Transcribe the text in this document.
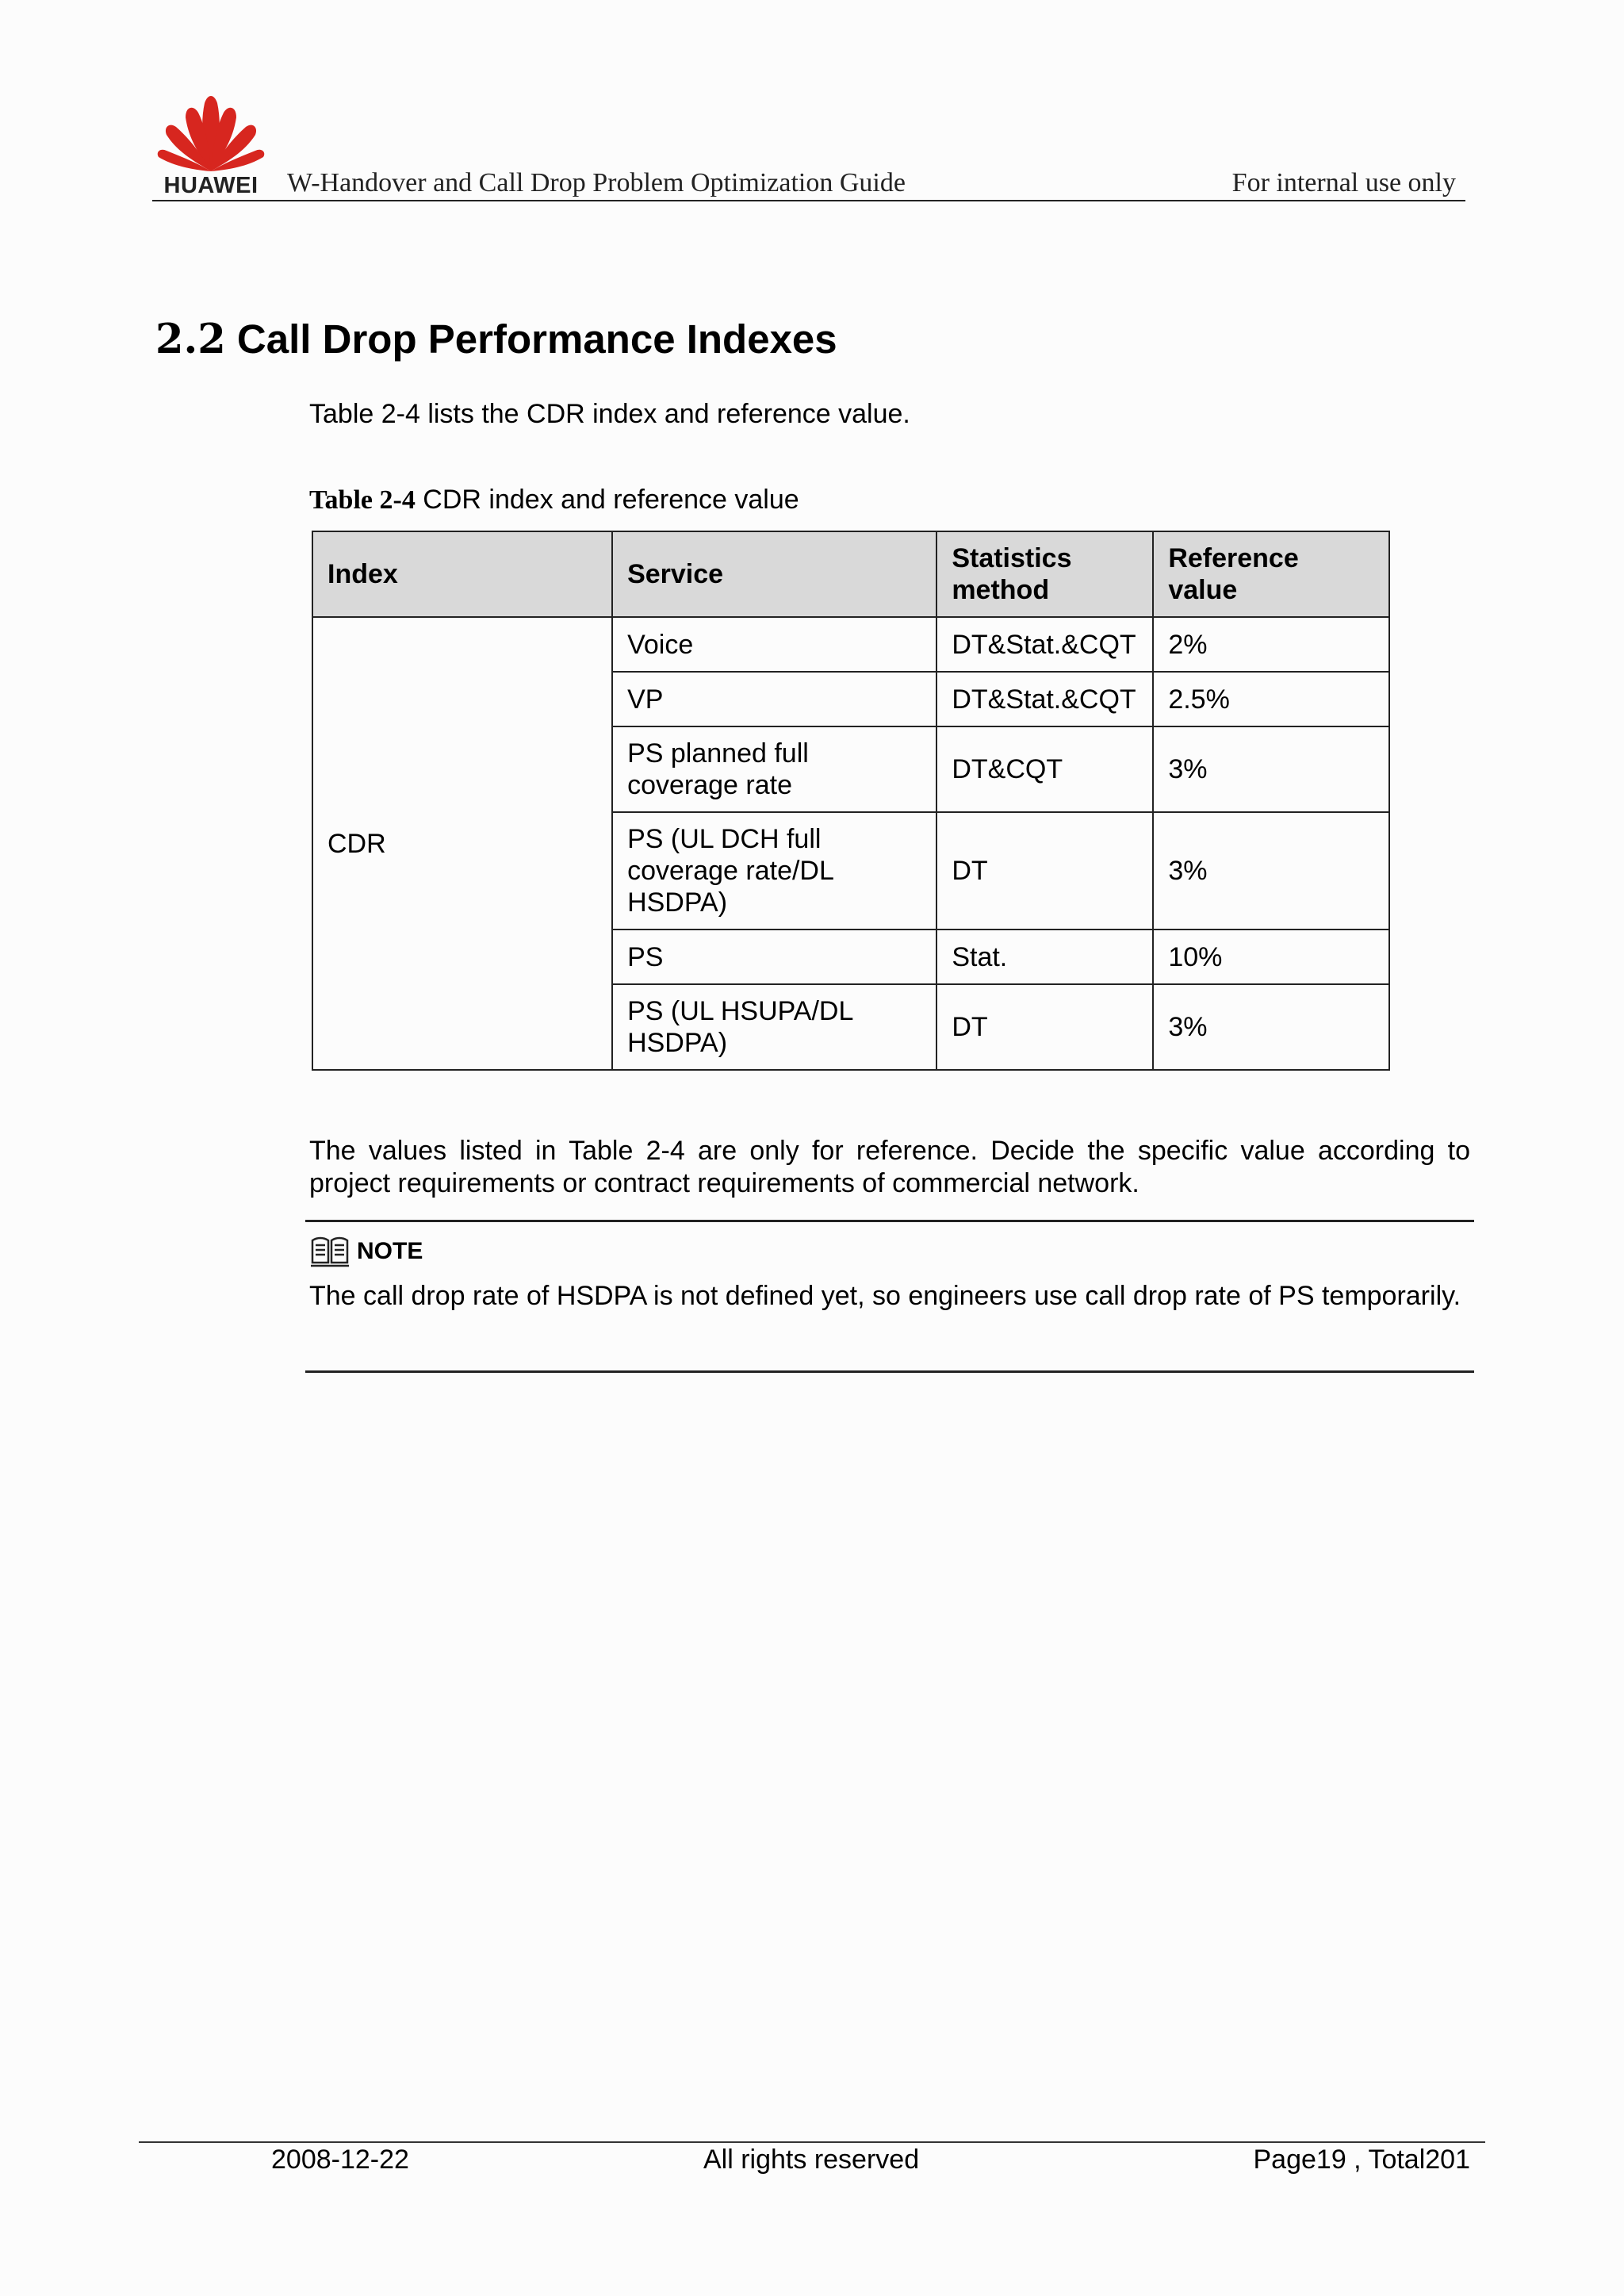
HUAWEI	W-Handover and Call Drop Problem Optimization Guide	For internal use only
2.2 Call Drop Performance Indexes
Table 2-4 lists the CDR index and reference value.
Table 2-4 CDR index and reference value
Index	Service	Statistics method	Reference value
CDR	Voice	DT&Stat.&CQT	2%
	VP	DT&Stat.&CQT	2.5%
	PS planned full coverage rate	DT&CQT	3%
	PS (UL DCH full coverage rate/DL HSDPA)	DT	3%
	PS	Stat.	10%
	PS (UL HSUPA/DL HSDPA)	DT	3%
The values listed in Table 2-4 are only for reference. Decide the specific value according to project requirements or contract requirements of commercial network.
NOTE
The call drop rate of HSDPA is not defined yet, so engineers use call drop rate of PS temporarily.
2008-12-22	All rights reserved	Page19 , Total201
